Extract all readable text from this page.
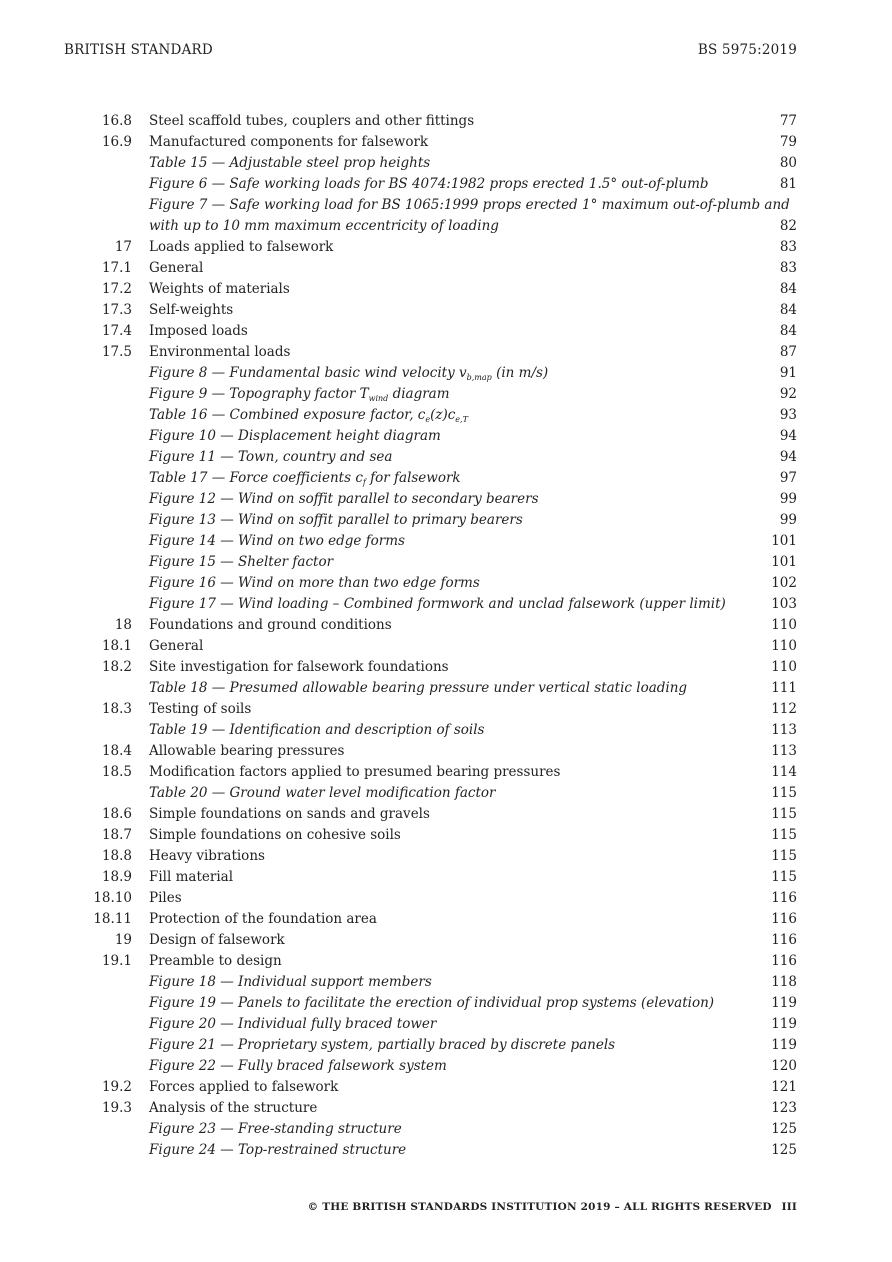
BRITISH STANDARD	BS 5975:2019
16.8 Steel scaffold tubes, couplers and other fittings	77
16.9 Manufactured components for falsework	79
Table 15 — Adjustable steel prop heights	80
Figure 6 — Safe working loads for BS 4074:1982 props erected 1.5° out-of-plumb	81
Figure 7 — Safe working load for BS 1065:1999 props erected 1° maximum out-of-plumb and
with up to 10 mm maximum eccentricity of loading	82
17 Loads applied to falsework	83
17.1 General	83
17.2 Weights of materials	84
17.3 Self-weights	84
17.4 Imposed loads	84
17.5 Environmental loads	87
Figure 8 — Fundamental basic wind velocity $v_{b,map}$ (in m/s)	91
Figure 9 — Topography factor $T_{wind}$ diagram	92
Table 16 — Combined exposure factor, $c_e(z)c_{e,T}$	93
Figure 10 — Displacement height diagram	94
Figure 11 — Town, country and sea	94
Table 17 — Force coefficients $c_f$ for falsework	97
Figure 12 — Wind on soffit parallel to secondary bearers	99
Figure 13 — Wind on soffit parallel to primary bearers	99
Figure 14 — Wind on two edge forms	101
Figure 15 — Shelter factor	101
Figure 16 — Wind on more than two edge forms	102
Figure 17 — Wind loading – Combined formwork and unclad falsework (upper limit)	103
18 Foundations and ground conditions	110
18.1 General	110
18.2 Site investigation for falsework foundations	110
Table 18 — Presumed allowable bearing pressure under vertical static loading	111
18.3 Testing of soils	112
Table 19 — Identification and description of soils	113
18.4 Allowable bearing pressures	113
18.5 Modification factors applied to presumed bearing pressures	114
Table 20 — Ground water level modification factor	115
18.6 Simple foundations on sands and gravels	115
18.7 Simple foundations on cohesive soils	115
18.8 Heavy vibrations	115
18.9 Fill material	115
18.10 Piles	116
18.11 Protection of the foundation area	116
19 Design of falsework	116
19.1 Preamble to design	116
Figure 18 — Individual support members	118
Figure 19 — Panels to facilitate the erection of individual prop systems (elevation)	119
Figure 20 — Individual fully braced tower	119
Figure 21 — Proprietary system, partially braced by discrete panels	119
Figure 22 — Fully braced falsework system	120
19.2 Forces applied to falsework	121
19.3 Analysis of the structure	123
Figure 23 — Free-standing structure	125
Figure 24 — Top-restrained structure	125
© THE BRITISH STANDARDS INSTITUTION 2019 – ALL RIGHTS RESERVED III
